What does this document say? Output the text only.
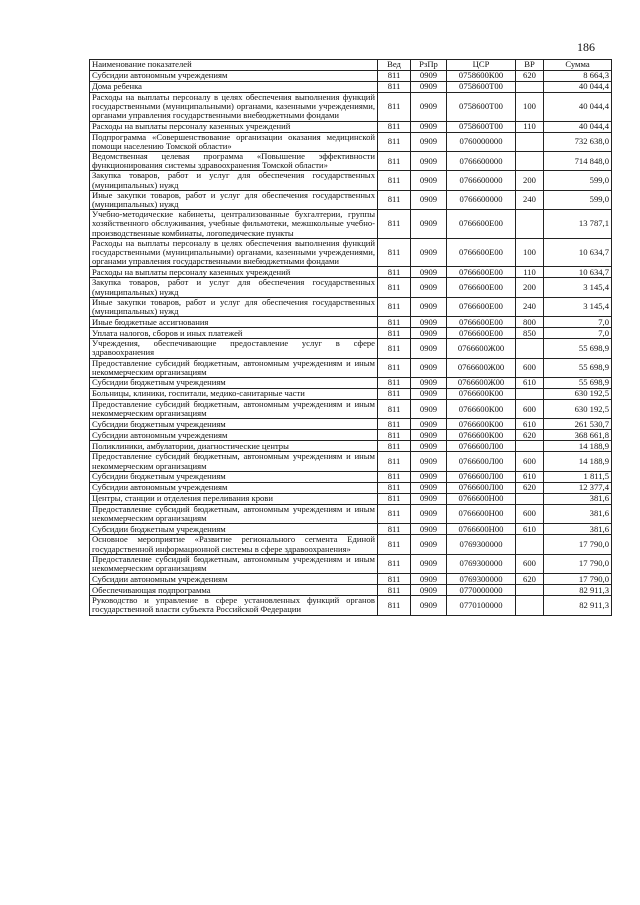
186
Наименование показателей	Вед	РзПр	ЦСР	ВР	Сумма
Субсидии автономным учреждениям	811	0909	0758600К00	620	8 664,3
Дома ребенка	811	0909	0758600Т00		40 044,4
Расходы на выплаты персоналу в целях обеспечения выполнения функций государственными (муниципальными) органами, казенными учреждениями, органами управления государственными внебюджетными фондами	811	0909	0758600Т00	100	40 044,4
Расходы на выплаты персоналу казенных учреждений	811	0909	0758600Т00	110	40 044,4
Подпрограмма «Совершенствование организации оказания медицинской помощи населению Томской области»	811	0909	0760000000		732 638,0
Ведомственная целевая программа «Повышение эффективности функционирования системы здравоохранения Томской области»	811	0909	0766600000		714 848,0
Закупка товаров, работ и услуг для обеспечения государственных (муниципальных) нужд	811	0909	0766600000	200	599,0
Иные закупки товаров, работ и услуг для обеспечения государственных (муниципальных) нужд	811	0909	0766600000	240	599,0
Учебно-методические кабинеты, централизованные бухгалтерии, группы хозяйственного обслуживания, учебные фильмотеки, межшкольные учебно-производственные комбинаты, логопедические пункты	811	0909	0766600Е00		13 787,1
Расходы на выплаты персоналу в целях обеспечения выполнения функций государственными (муниципальными) органами, казенными учреждениями, органами управления государственными внебюджетными фондами	811	0909	0766600Е00	100	10 634,7
Расходы на выплаты персоналу казенных учреждений	811	0909	0766600Е00	110	10 634,7
Закупка товаров, работ и услуг для обеспечения государственных (муниципальных) нужд	811	0909	0766600Е00	200	3 145,4
Иные закупки товаров, работ и услуг для обеспечения государственных (муниципальных) нужд	811	0909	0766600Е00	240	3 145,4
Иные бюджетные ассигнования	811	0909	0766600Е00	800	7,0
Уплата налогов, сборов и иных платежей	811	0909	0766600Е00	850	7,0
Учреждения, обеспечивающие предоставление услуг в сфере здравоохранения	811	0909	0766600Ж00		55 698,9
Предоставление субсидий бюджетным, автономным учреждениям и иным некоммерческим организациям	811	0909	0766600Ж00	600	55 698,9
Субсидии бюджетным учреждениям	811	0909	0766600Ж00	610	55 698,9
Больницы, клиники, госпитали, медико-санитарные части	811	0909	0766600К00		630 192,5
Предоставление субсидий бюджетным, автономным учреждениям и иным некоммерческим организациям	811	0909	0766600К00	600	630 192,5
Субсидии бюджетным учреждениям	811	0909	0766600К00	610	261 530,7
Субсидии автономным учреждениям	811	0909	0766600К00	620	368 661,8
Поликлиники, амбулатории, диагностические центры	811	0909	0766600Л00		14 188,9
Предоставление субсидий бюджетным, автономным учреждениям и иным некоммерческим организациям	811	0909	0766600Л00	600	14 188,9
Субсидии бюджетным учреждениям	811	0909	0766600Л00	610	1 811,5
Субсидии автономным учреждениям	811	0909	0766600Л00	620	12 377,4
Центры, станции и отделения переливания крови	811	0909	0766600Н00		381,6
Предоставление субсидий бюджетным, автономным учреждениям и иным некоммерческим организациям	811	0909	0766600Н00	600	381,6
Субсидии бюджетным учреждениям	811	0909	0766600Н00	610	381,6
Основное мероприятие «Развитие регионального сегмента Единой государственной информационной системы в сфере здравоохранения»	811	0909	0769300000		17 790,0
Предоставление субсидий бюджетным, автономным учреждениям и иным некоммерческим организациям	811	0909	0769300000	600	17 790,0
Субсидии автономным учреждениям	811	0909	0769300000	620	17 790,0
Обеспечивающая подпрограмма	811	0909	0770000000		82 911,3
Руководство и управление в сфере установленных функций органов государственной власти субъекта Российской Федерации	811	0909	0770100000		82 911,3
